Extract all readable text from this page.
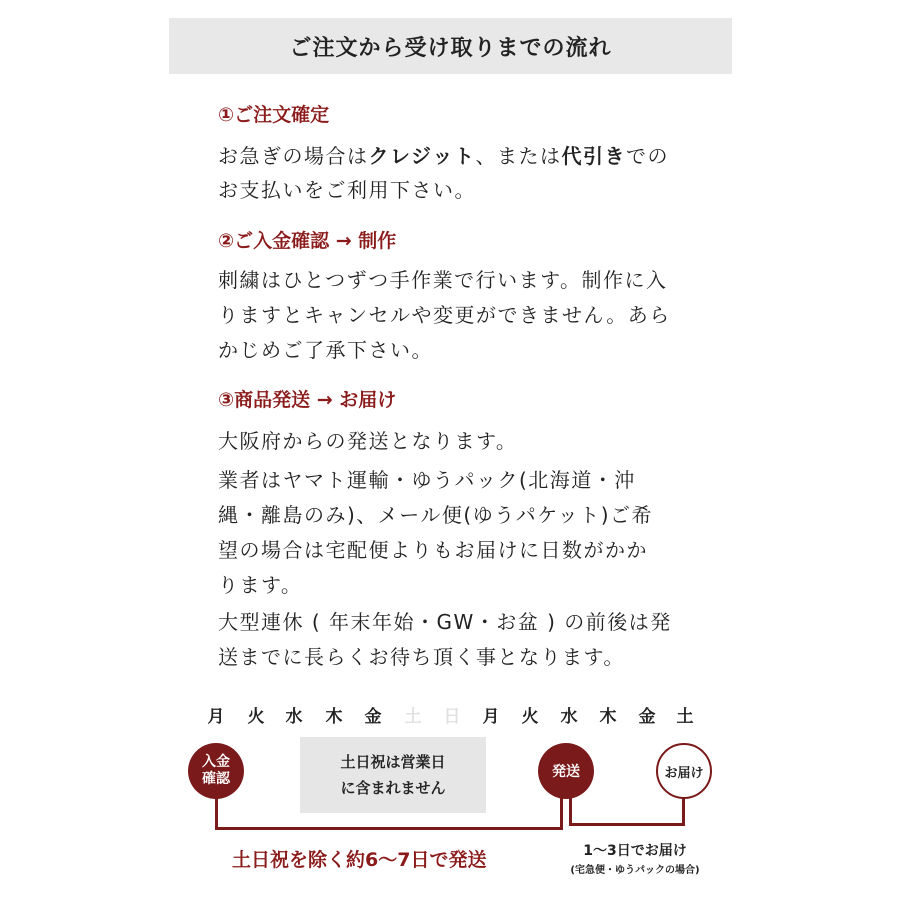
ご注文から受け取りまでの流れ
①ご注文確定
お急ぎの場合はクレジット、または代引きでの
お支払いをご利用下さい。
②ご入金確認 → 制作
刺繍はひとつずつ手作業で行います。制作に入
りますとキャンセルや変更ができません。あら
かじめご了承下さい。
③商品発送 → お届け
大阪府からの発送となります。
業者はヤマト運輸・ゆうパック(北海道・沖
縄・離島のみ)、メール便(ゆうパケット)ご希
望の場合は宅配便よりもお届けに日数がかか
ります。
大型連休 ( 年末年始・GW・お盆 ) の前後は発
送までに長らくお待ち頂く事となります。
月 火 水 木 金 土 日 月 火 水 木 金 土
土日祝は営業日
に含まれません
入金
確認	発送	お届け
土日祝を除く約6〜7日で発送	1〜3日でお届け
(宅急便・ゆうパックの場合)
